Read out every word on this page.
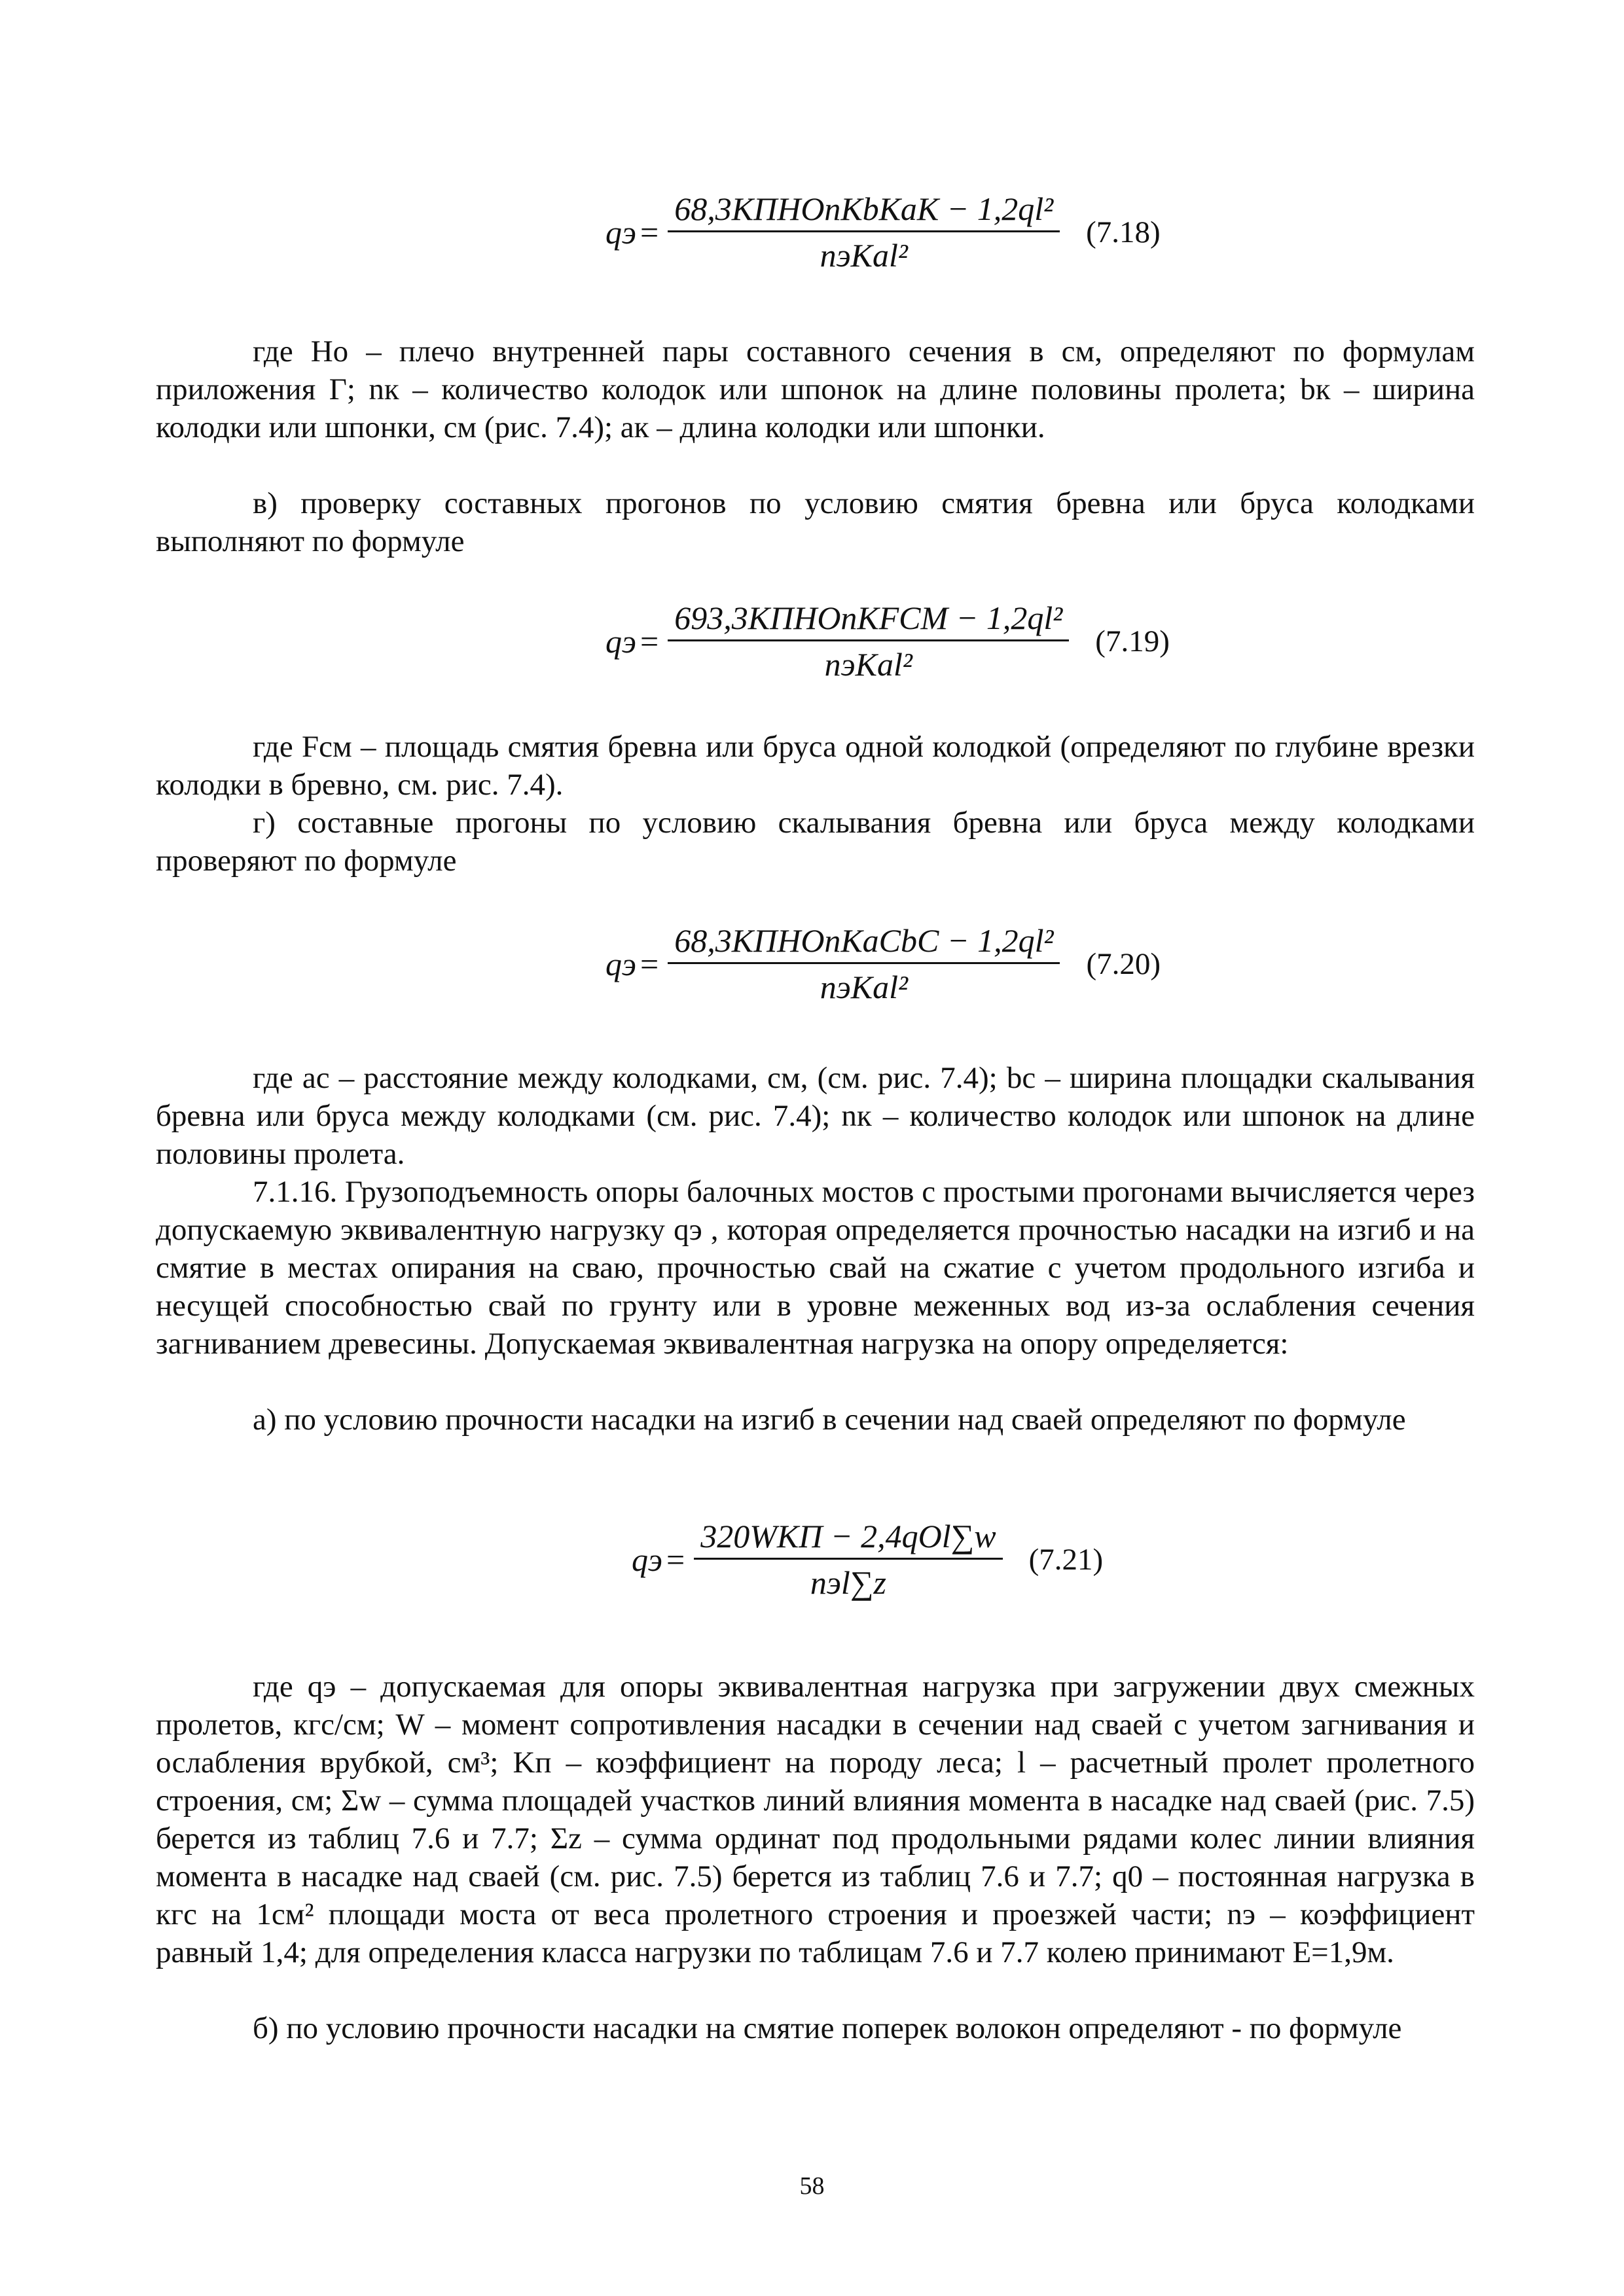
qэ = $\frac{\text{68,3KПHОnКbКaК − 1,2ql²}}{\text{nэKаl²}} (7.18)$

где Hо – плечо внутренней пары составного сечения в см, определяют по формулам приложения Г; nк – количество колодок или шпонок на длине половины пролета; bк – ширина колодки или шпонки, см (рис. 7.4); aк – длина колодки или шпонки.

в) проверку составных прогонов по условию смятия бревна или бруса колодками выполняют по формуле

где Fсм – площадь смятия бревна или бруса одной колодкой (определяют по глубине врезки колодки в бревно, см. рис. 7.4).

г) составные прогоны по условию скалывания бревна или бруса между колодками проверяют по формуле

где ac – расстояние между колодками, см, (см. рис. 7.4); bс – ширина площадки скалывания бревна или бруса между колодками (см. рис. 7.4); nк – количество колодок или шпонок на длине половины пролета.

7.1.16. Грузоподъемность опоры балочных мостов с простыми прогонами вычисляется через допускаемую эквивалентную нагрузку qэ , которая определяется прочностью насадки на изгиб и на смятие в местах опирания на сваю, прочностью свай на сжатие с учетом продольного изгиба и несущей способностью свай по грунту или в уровне меженных вод из-за ослабления сечения загниванием древесины. Допускаемая эквивалентная нагрузка на опору определяется:

а) по условию прочности насадки на изгиб в сечении над сваей определяют по формуле

где qэ – допускаемая для опоры эквивалентная нагрузка при загружении двух смежных пролетов, кгс/см; W – момент сопротивления насадки в сечении над сваей с учетом загнивания и ослабления врубкой, см³; Kп – коэффициент на породу леса; l – расчетный пролет пролетного строения, см; Σw – сумма площадей участков линий влияния момента в насадке над сваей (рис. 7.5) берется из таблиц 7.6 и 7.7; Σz – сумма ординат под продольными рядами колес линии влияния момента в насадке над сваей (см. рис. 7.5) берется из таблиц 7.6 и 7.7; q0 – постоянная нагрузка в кгс на 1см² площади моста от веса пролетного строения и проезжей части; nэ – коэффициент равный 1,4; для определения класса нагрузки по таблицам 7.6 и 7.7 колею принимают Е=1,9м.

б) по условию прочности насадки на смятие поперек волокон определяют - по формуле

qэ = $\frac{\text{693,3KПHОnКFСМ − 1,2ql²}}{\text{nэKаl²}} (7.19)$
qэ = $\frac{\text{68,3KПHОnКaСbС − 1,2ql²}}{\text{nэKаl²}} (7.20)$
qэ = $\frac{\text{320WKП − 2,4qОl∑w}}{\text{nэl∑z}} (7.21)$
58
